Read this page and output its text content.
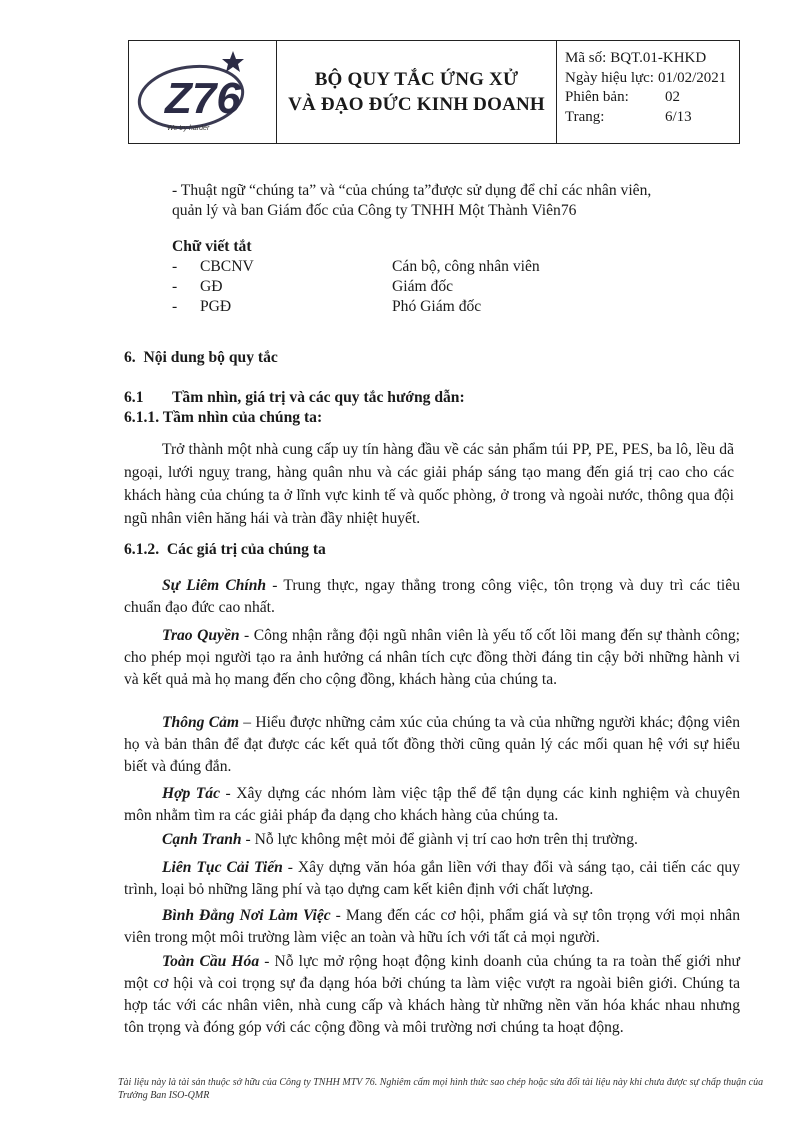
Z76
We try harder
BỘ QUY TẮC ỨNG XỬ
VÀ ĐẠO ĐỨC KINH DOANH
Mã số: BQT.01-KHKD
Ngày hiệu lực: 01/02/2021
Phiên bản:	02
Trang:	6/13
- Thuật ngữ “chúng ta” và “của chúng ta”được sử dụng để chỉ các nhân viên,
quản lý và ban Giám đốc của Công ty TNHH Một Thành Viên76
Chữ viết tắt
- CBCNV	Cán bộ, công nhân viên
- GĐ	Giám đốc
- PGĐ	Phó Giám đốc
6.  Nội dung bộ quy tắc
6.1 Tầm nhìn, giá trị và các quy tắc hướng dẫn:
6.1.1. Tầm nhìn của chúng ta:

Trở thành một nhà cung cấp uy tín hàng đầu về các sản phẩm túi PP, PE, PES, ba lô, lều dã ngoại, lưới nguỵ trang, hàng quân nhu và các giải pháp sáng tạo mang đến giá trị cao cho các khách hàng của chúng ta ở lĩnh vực kinh tế và quốc phòng, ở trong và ngoài nước, thông qua đội ngũ nhân viên hăng hái và tràn đầy nhiệt huyết.

6.1.2.  Các giá trị của chúng ta

Sự Liêm Chính - Trung thực, ngay thẳng trong công việc, tôn trọng và duy trì các tiêu chuẩn đạo đức cao nhất.

Trao Quyền - Công nhận rằng đội ngũ nhân viên là yếu tố cốt lõi mang đến sự thành công; cho phép mọi người tạo ra ảnh hưởng cá nhân tích cực đồng thời đáng tin cậy bởi những hành vi và kết quả mà họ mang đến cho cộng đồng, khách hàng của chúng ta.

Thông Cảm – Hiểu được những cảm xúc của chúng ta và của những người khác; động viên họ và bản thân để đạt được các kết quả tốt đồng thời cũng quản lý các mối quan hệ với sự hiểu biết và đúng đắn.

Hợp Tác - Xây dựng các nhóm làm việc tập thể để tận dụng các kinh nghiệm và chuyên môn nhằm tìm ra các giải pháp đa dạng cho khách hàng của chúng ta.

Cạnh Tranh - Nỗ lực không mệt mỏi để giành vị trí cao hơn trên thị trường.

Liên Tục Cải Tiến - Xây dựng văn hóa gắn liền với thay đổi và sáng tạo, cải tiến các quy trình, loại bỏ những lãng phí và tạo dựng cam kết kiên định với chất lượng.

Bình Đẳng Nơi Làm Việc - Mang đến các cơ hội, phẩm giá và sự tôn trọng với mọi nhân viên trong một môi trường làm việc an toàn và hữu ích với tất cả mọi người.

Toàn Cầu Hóa - Nỗ lực mở rộng hoạt động kinh doanh của chúng ta ra toàn thế giới như một cơ hội và coi trọng sự đa dạng hóa bởi chúng ta làm việc vượt ra ngoài biên giới. Chúng ta hợp tác với các nhân viên, nhà cung cấp và khách hàng từ những nền văn hóa khác nhau nhưng tôn trọng và đóng góp với các cộng đồng và môi trường nơi chúng ta hoạt động.

Tài liệu này là tài sản thuộc sở hữu của Công ty TNHH MTV 76. Nghiêm cấm mọi hình thức sao chép hoặc sửa đổi tài liệu này khi chưa được sự chấp thuận của Trưởng Ban ISO-QMR
